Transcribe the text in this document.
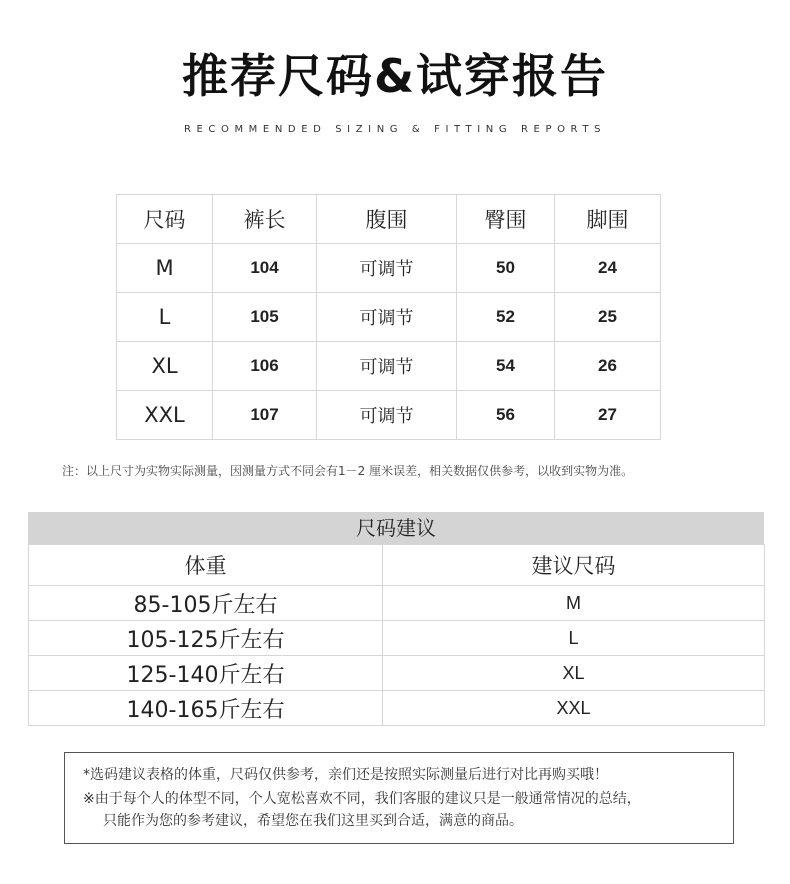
推荐尺码&试穿报告
RECOMMENDED SIZING & FITTING REPORTS
尺码	裤长	腹围	臀围	脚围
M	104	可调节	50	24
L	105	可调节	52	25
XL	106	可调节	54	26
XXL	107	可调节	56	27
注：以上尺寸为实物实际测量，因测量方式不同会有1－2 厘米误差，相关数据仅供参考，以收到实物为准。
尺码建议
体重	建议尺码
85-105斤左右	M
105-125斤左右	L
125-140斤左右	XL
140-165斤左右	XXL
*选码建议表格的体重，尺码仅供参考，亲们还是按照实际测量后进行对比再购买哦！
※由于每个人的体型不同，个人宽松喜欢不同，我们客服的建议只是一般通常情况的总结，
只能作为您的参考建议，希望您在我们这里买到合适，满意的商品。
